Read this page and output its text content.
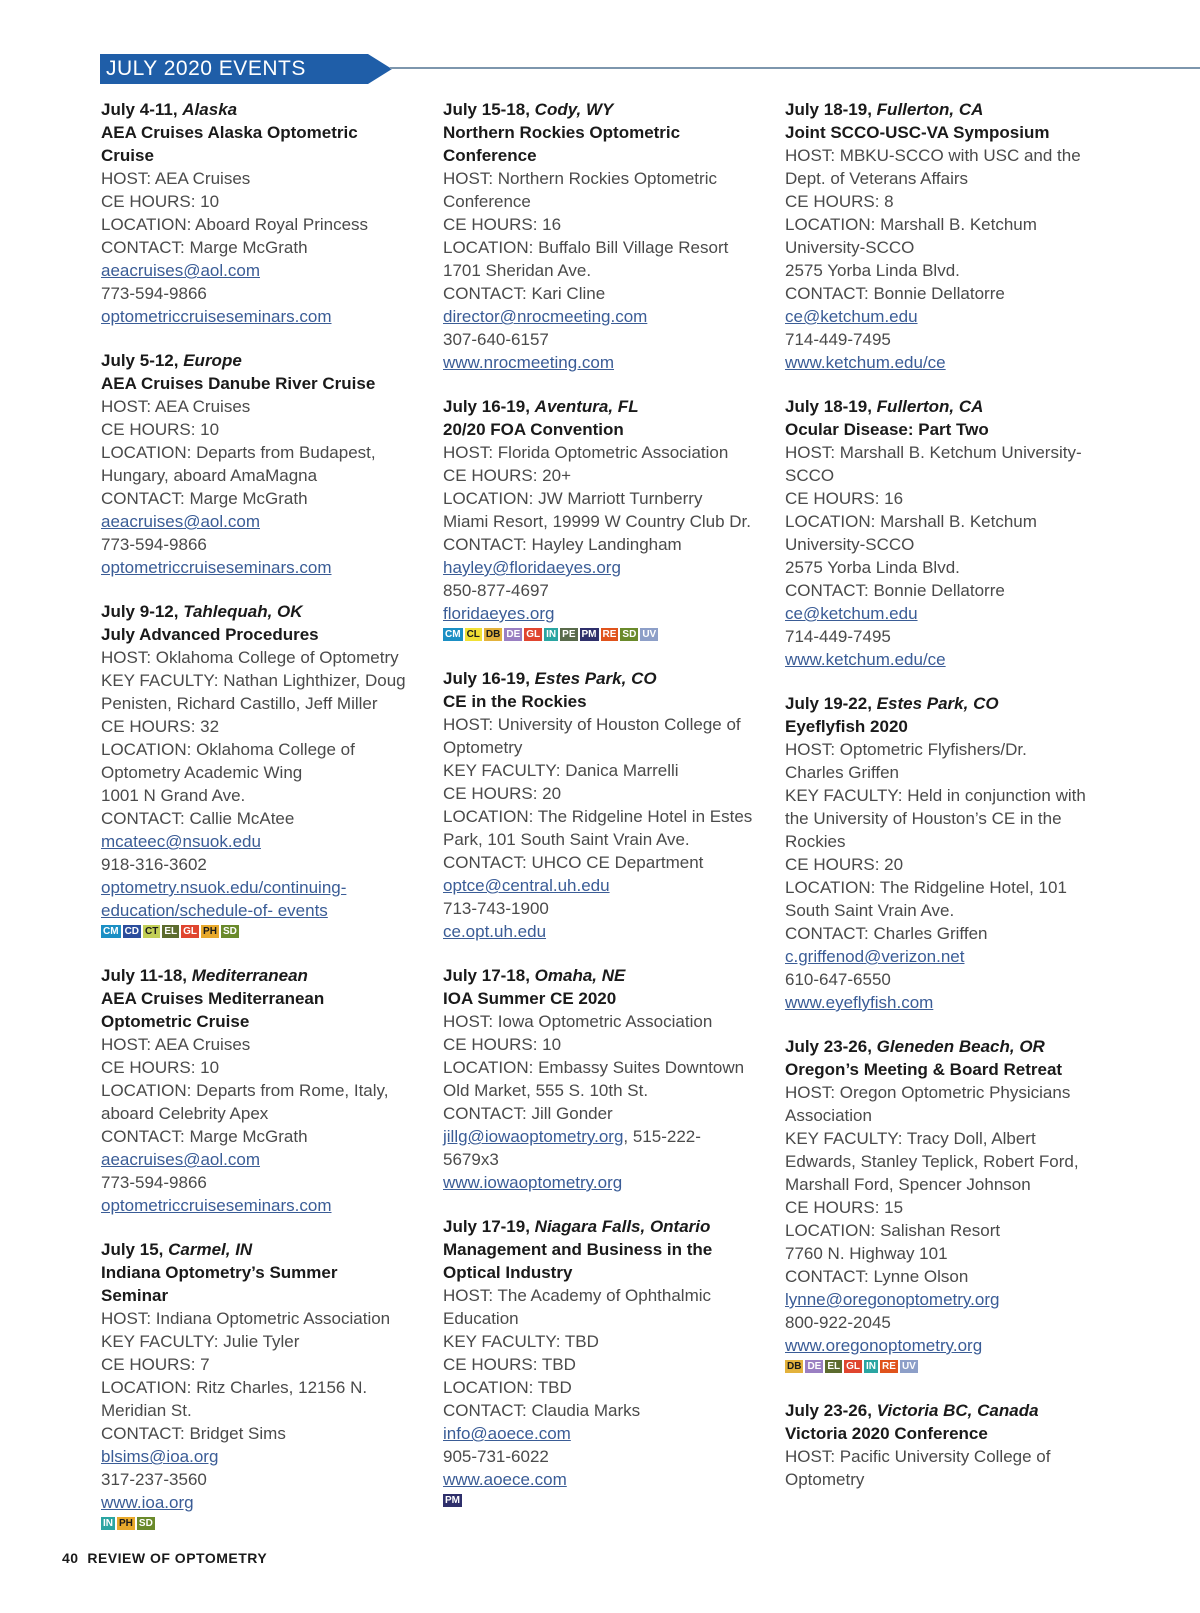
JULY 2020 EVENTS
July 4-11, Alaska
AEA Cruises Alaska Optometric
Cruise
HOST: AEA Cruises
CE HOURS: 10
LOCATION: Aboard Royal Princess
CONTACT: Marge McGrath
aeacruises@aol.com
773-594-9866
optometriccruiseseminars.com
July 5-12, Europe
AEA Cruises Danube River Cruise
HOST: AEA Cruises
CE HOURS: 10
LOCATION: Departs from Budapest,
Hungary, aboard AmaMagna
CONTACT: Marge McGrath
aeacruises@aol.com
773-594-9866
optometriccruiseseminars.com
July 9-12, Tahlequah, OK
July Advanced Procedures
HOST: Oklahoma College of Optometry
KEY FACULTY: Nathan Lighthizer, Doug
Penisten, Richard Castillo, Jeff Miller
CE HOURS: 32
LOCATION: Oklahoma College of
Optometry Academic Wing
1001 N Grand Ave.
CONTACT: Callie McAtee
mcateec@nsuok.edu
918-316-3602
optometry.nsuok.edu/continuing-
education/schedule-of- events
CM CD CT EL GL PH SD
July 11-18, Mediterranean
AEA Cruises Mediterranean
Optometric Cruise
HOST: AEA Cruises
CE HOURS: 10
LOCATION: Departs from Rome, Italy,
aboard Celebrity Apex
CONTACT: Marge McGrath
aeacruises@aol.com
773-594-9866
optometriccruiseseminars.com
July 15, Carmel, IN
Indiana Optometry’s Summer
Seminar
HOST: Indiana Optometric Association
KEY FACULTY: Julie Tyler
CE HOURS: 7
LOCATION: Ritz Charles, 12156 N.
Meridian St.
CONTACT: Bridget Sims
blsims@ioa.org
317-237-3560
www.ioa.org
IN PH SD
July 15-18, Cody, WY
Northern Rockies Optometric
Conference
HOST: Northern Rockies Optometric
Conference
CE HOURS: 16
LOCATION: Buffalo Bill Village Resort
1701 Sheridan Ave.
CONTACT: Kari Cline
director@nrocmeeting.com
307-640-6157
www.nrocmeeting.com
July 16-19, Aventura, FL
20/20 FOA Convention
HOST: Florida Optometric Association
CE HOURS: 20+
LOCATION: JW Marriott Turnberry
Miami Resort, 19999 W Country Club Dr.
CONTACT: Hayley Landingham
hayley@floridaeyes.org
850-877-4697
floridaeyes.org
CM CL DB DE GL IN PE PM RE SD UV
July 16-19, Estes Park, CO
CE in the Rockies
HOST: University of Houston College of
Optometry
KEY FACULTY: Danica Marrelli
CE HOURS: 20
LOCATION: The Ridgeline Hotel in Estes
Park, 101 South Saint Vrain Ave.
CONTACT: UHCO CE Department
optce@central.uh.edu
713-743-1900
ce.opt.uh.edu
July 17-18, Omaha, NE
IOA Summer CE 2020
HOST: Iowa Optometric Association
CE HOURS: 10
LOCATION: Embassy Suites Downtown
Old Market, 555 S. 10th St.
CONTACT: Jill Gonder
jillg@iowaoptometry.org, 515-222-
5679x3
www.iowaoptometry.org
July 17-19, Niagara Falls, Ontario
Management and Business in the
Optical Industry
HOST: The Academy of Ophthalmic
Education
KEY FACULTY: TBD
CE HOURS: TBD
LOCATION: TBD
CONTACT: Claudia Marks
info@aoece.com
905-731-6022
www.aoece.com
PM
July 18-19, Fullerton, CA
Joint SCCO-USC-VA Symposium
HOST: MBKU-SCCO with USC and the
Dept. of Veterans Affairs
CE HOURS: 8
LOCATION: Marshall B. Ketchum
University-SCCO
2575 Yorba Linda Blvd.
CONTACT: Bonnie Dellatorre
ce@ketchum.edu
714-449-7495
www.ketchum.edu/ce
July 18-19, Fullerton, CA
Ocular Disease: Part Two
HOST: Marshall B. Ketchum University-
SCCO
CE HOURS: 16
LOCATION: Marshall B. Ketchum
University-SCCO
2575 Yorba Linda Blvd.
CONTACT: Bonnie Dellatorre
ce@ketchum.edu
714-449-7495
www.ketchum.edu/ce
July 19-22, Estes Park, CO
Eyeflyfish 2020
HOST: Optometric Flyfishers/Dr.
Charles Griffen
KEY FACULTY: Held in conjunction with
the University of Houston’s CE in the
Rockies
CE HOURS: 20
LOCATION: The Ridgeline Hotel, 101
South Saint Vrain Ave.
CONTACT: Charles Griffen
c.griffenod@verizon.net
610-647-6550
www.eyeflyfish.com
July 23-26, Gleneden Beach, OR
Oregon’s Meeting & Board Retreat
HOST: Oregon Optometric Physicians
Association
KEY FACULTY: Tracy Doll, Albert
Edwards, Stanley Teplick, Robert Ford,
Marshall Ford, Spencer Johnson
CE HOURS: 15
LOCATION: Salishan Resort
7760 N. Highway 101
CONTACT: Lynne Olson
lynne@oregonoptometry.org
800-922-2045
www.oregonoptometry.org
DB DE EL GL IN RE UV
July 23-26, Victoria BC, Canada
Victoria 2020 Conference
HOST: Pacific University College of
Optometry
40 REVIEW OF OPTOMETRY
